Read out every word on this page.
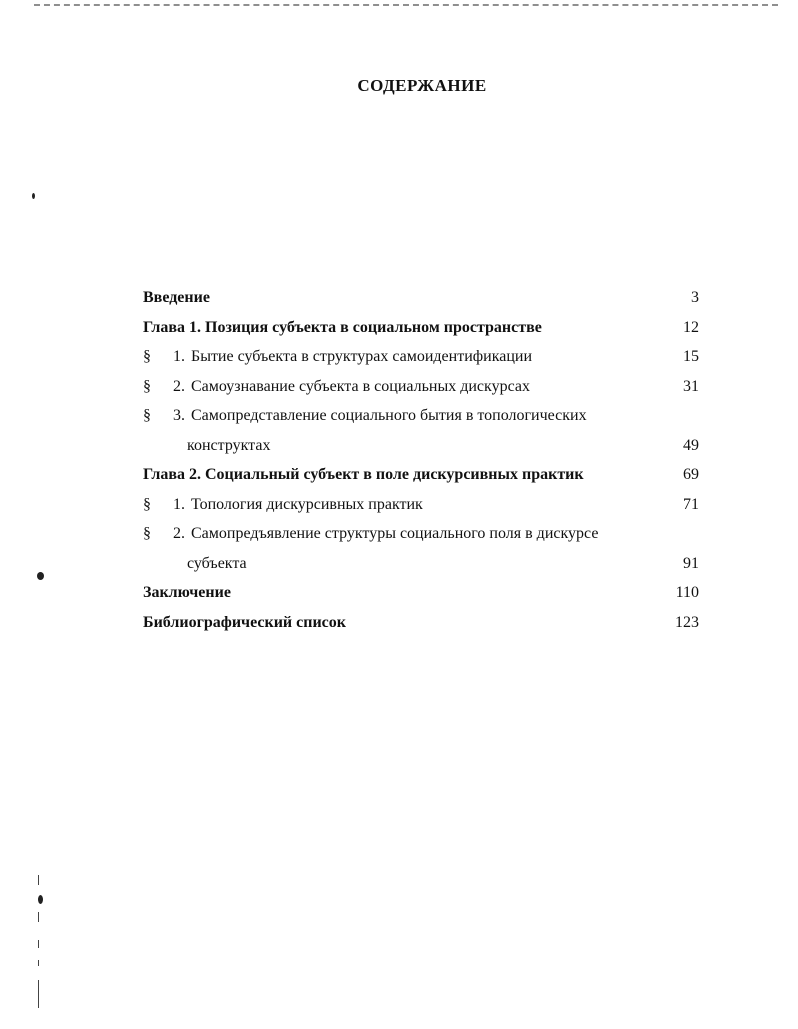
СОДЕРЖАНИЕ
Введение	3
Глава 1. Позиция субъекта в социальном пространстве	12
§	1. Бытие субъекта в структурах самоидентификации	15
§	2. Самоузнавание субъекта в социальных дискурсах	31
§	3. Самопредставление социального бытия в топологических
конструктах	49
Глава 2. Социальный субъект в поле дискурсивных практик	69
§	1. Топология дискурсивных практик	71
§	2. Самопредъявление структуры социального поля в дискурсе
субъекта	91
Заключение	110
Библиографический список	123
